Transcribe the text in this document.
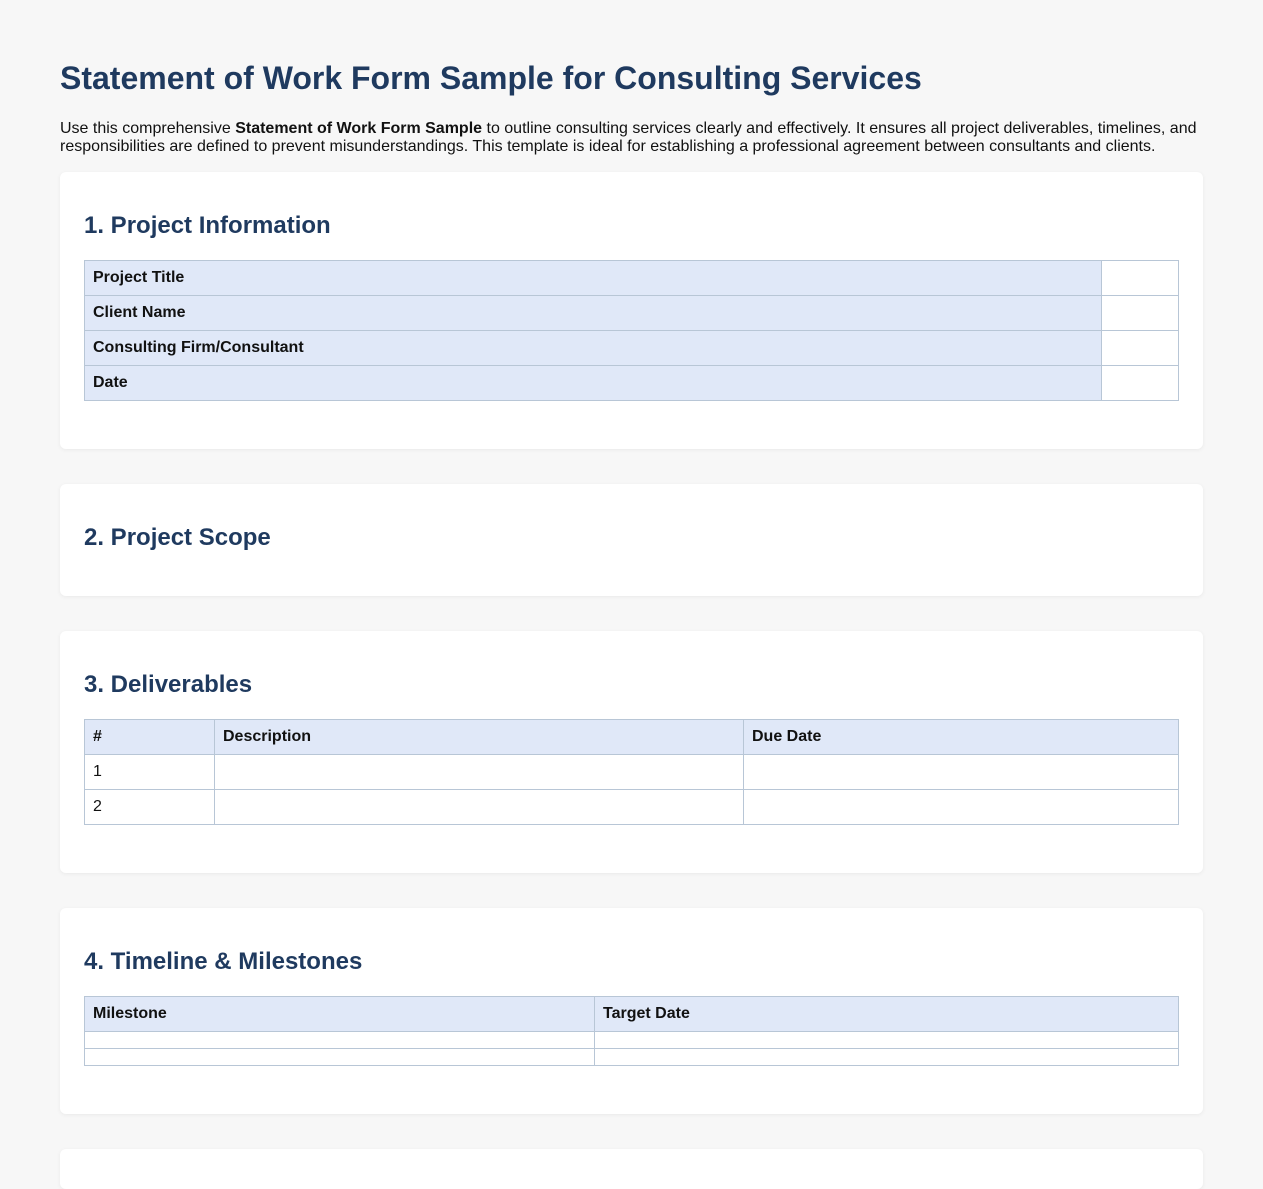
Statement of Work Form Sample for Consulting Services

Use this comprehensive Statement of Work Form Sample to outline consulting services clearly and effectively. It ensures all project deliverables, timelines, and responsibilities are defined to prevent misunderstandings. This template is ideal for establishing a professional agreement between consultants and clients.

1. Project Information
Project Title	
Client Name	
Consulting Firm/Consultant	
Date	
2. Project Scope
3. Deliverables
#	Description	Due Date
1		
2		
4. Timeline & Milestones
Milestone	Target Date
